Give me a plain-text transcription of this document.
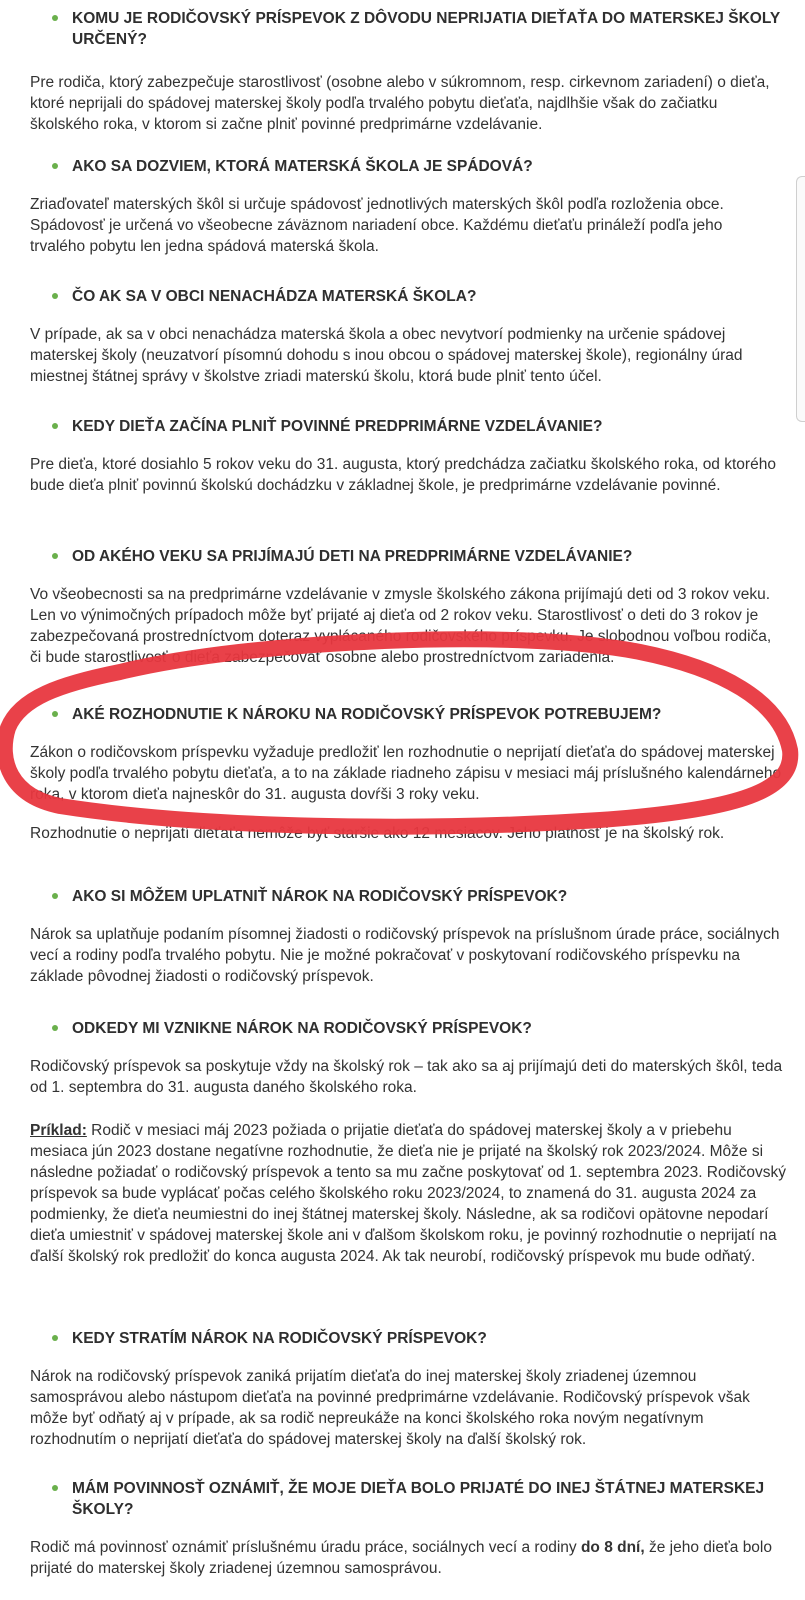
KOMU JE RODIČOVSKÝ PRÍSPEVOK Z DÔVODU NEPRIJATIA DIEŤAŤA DO MATERSKEJ ŠKOLY URČENÝ?

Pre rodiča, ktorý zabezpečuje starostlivosť (osobne alebo v súkromnom, resp. cirkevnom zariadení) o dieťa, ktoré neprijali do spádovej materskej školy podľa trvalého pobytu dieťaťa, najdlhšie však do začiatku školského roka, v ktorom si začne plniť povinné predprimárne vzdelávanie.

AKO SA DOZVIEM, KTORÁ MATERSKÁ ŠKOLA JE SPÁDOVÁ?

Zriaďovateľ materských škôl si určuje spádovosť jednotlivých materských škôl podľa rozloženia obce. Spádovosť je určená vo všeobecne záväznom nariadení obce. Každému dieťaťu prináleží podľa jeho trvalého pobytu len jedna spádová materská škola.

ČO AK SA V OBCI NENACHÁDZA MATERSKÁ ŠKOLA?

V prípade, ak sa v obci nenachádza materská škola a obec nevytvorí podmienky na určenie spádovej materskej školy (neuzatvorí písomnú dohodu s inou obcou o spádovej materskej škole), regionálny úrad miestnej štátnej správy v školstve zriadi materskú školu, ktorá bude plniť tento účel.

KEDY DIEŤA ZAČÍNA PLNIŤ POVINNÉ PREDPRIMÁRNE VZDELÁVANIE?

Pre dieťa, ktoré dosiahlo 5 rokov veku do 31. augusta, ktorý predchádza začiatku školského roka, od ktorého bude dieťa plniť povinnú školskú dochádzku v základnej škole, je predprimárne vzdelávanie povinné.

OD AKÉHO VEKU SA PRIJÍMAJÚ DETI NA PREDPRIMÁRNE VZDELÁVANIE?

Vo všeobecnosti sa na predprimárne vzdelávanie v zmysle školského zákona prijímajú deti od 3 rokov veku. Len vo výnimočných prípadoch môže byť prijaté aj dieťa od 2 rokov veku. Starostlivosť o deti do 3 rokov je zabezpečovaná prostredníctvom doteraz vyplácaného rodičovského príspevku. Je slobodnou voľbou rodiča, či bude starostlivosť o dieťa zabezpečovať osobne alebo prostredníctvom zariadenia.

AKÉ ROZHODNUTIE K NÁROKU NA RODIČOVSKÝ PRÍSPEVOK POTREBUJEM?

Zákon o rodičovskom príspevku vyžaduje predložiť len rozhodnutie o neprijatí dieťaťa do spádovej materskej školy podľa trvalého pobytu dieťaťa, a to na základe riadneho zápisu v mesiaci máj príslušného kalendárneho roka, v ktorom dieťa najneskôr do 31. augusta dovŕši 3 roky veku.

Rozhodnutie o neprijatí dieťaťa nemôže byť staršie ako 12 mesiacov. Jeho platnosť je na školský rok.

AKO SI MÔŽEM UPLATNIŤ NÁROK NA RODIČOVSKÝ PRÍSPEVOK?

Nárok sa uplatňuje podaním písomnej žiadosti o rodičovský príspevok na príslušnom úrade práce, sociálnych vecí a rodiny podľa trvalého pobytu. Nie je možné pokračovať v poskytovaní rodičovského príspevku na základe pôvodnej žiadosti o rodičovský príspevok.

ODKEDY MI VZNIKNE NÁROK NA RODIČOVSKÝ PRÍSPEVOK?

Rodičovský príspevok sa poskytuje vždy na školský rok – tak ako sa aj prijímajú deti do materských škôl, teda od 1. septembra do 31. augusta daného školského roka.

Príklad: Rodič v mesiaci máj 2023 požiada o prijatie dieťaťa do spádovej materskej školy a v priebehu mesiaca jún 2023 dostane negatívne rozhodnutie, že dieťa nie je prijaté na školský rok 2023/2024. Môže si následne požiadať o rodičovský príspevok a tento sa mu začne poskytovať od 1. septembra 2023. Rodičovský príspevok sa bude vyplácať počas celého školského roku 2023/2024, to znamená do 31. augusta 2024 za podmienky, že dieťa neumiestni do inej štátnej materskej školy. Následne, ak sa rodičovi opätovne nepodarí dieťa umiestniť v spádovej materskej škole ani v ďalšom školskom roku, je povinný rozhodnutie o neprijatí na ďalší školský rok predložiť do konca augusta 2024. Ak tak neurobí, rodičovský príspevok mu bude odňatý.

KEDY STRATÍM NÁROK NA RODIČOVSKÝ PRÍSPEVOK?

Nárok na rodičovský príspevok zaniká prijatím dieťaťa do inej materskej školy zriadenej územnou samosprávou alebo nástupom dieťaťa na povinné predprimárne vzdelávanie. Rodičovský príspevok však môže byť odňatý aj v prípade, ak sa rodič nepreukáže na konci školského roka novým negatívnym rozhodnutím o neprijatí dieťaťa do spádovej materskej školy na ďalší školský rok.

MÁM POVINNOSŤ OZNÁMIŤ, ŽE MOJE DIEŤA BOLO PRIJATÉ DO INEJ ŠTÁTNEJ MATERSKEJ ŠKOLY?

Rodič má povinnosť oznámiť príslušnému úradu práce, sociálnych vecí a rodiny do 8 dní, že jeho dieťa bolo prijaté do materskej školy zriadenej územnou samosprávou.
